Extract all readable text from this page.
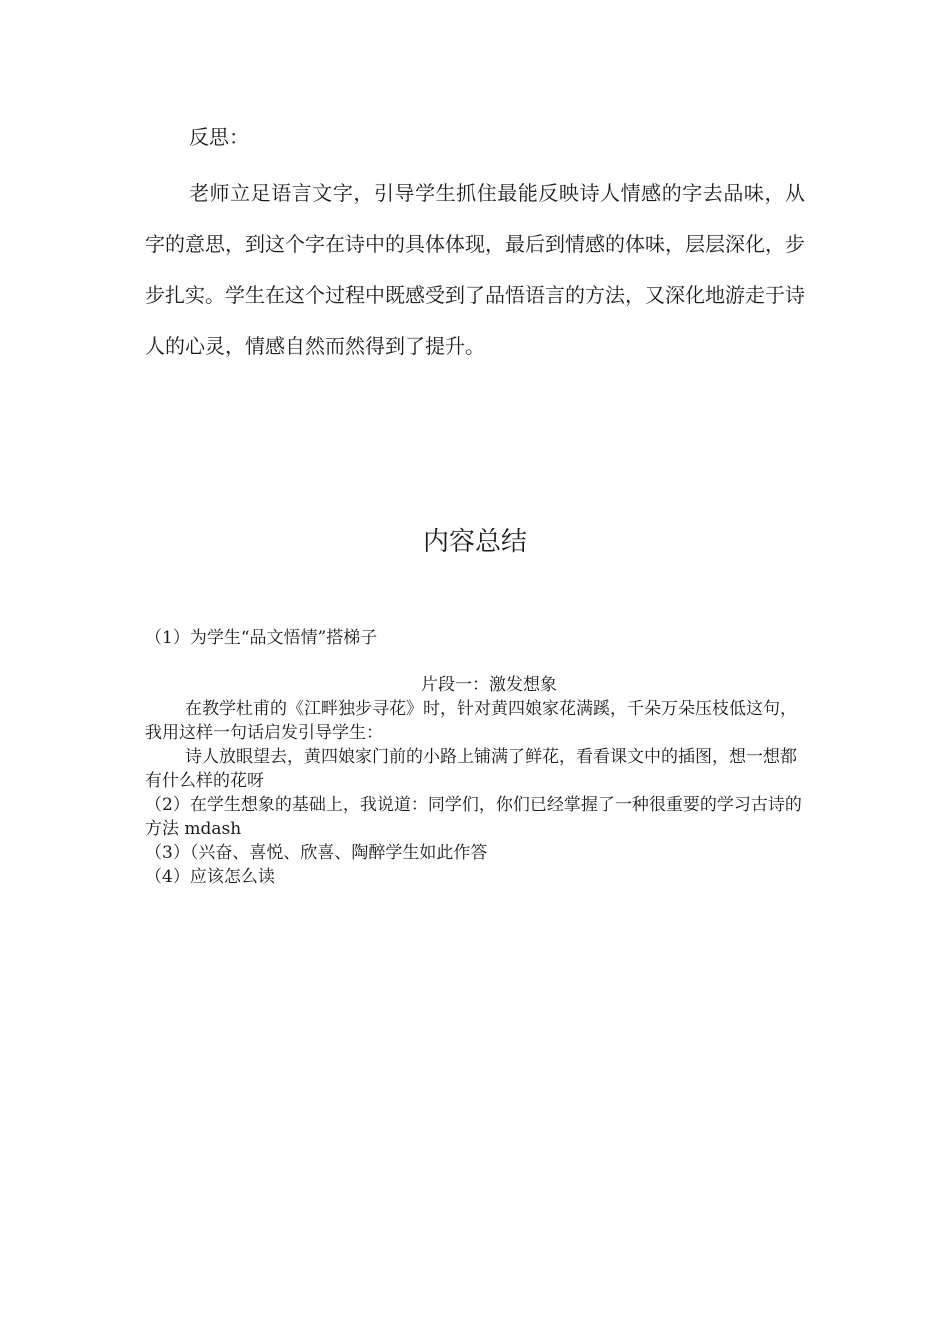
反思：

老师立足语言文字，引导学生抓住最能反映诗人情感的字去品味，从字的意思，到这个字在诗中的具体体现，最后到情感的体味，层层深化，步步扎实。学生在这个过程中既感受到了品悟语言的方法，又深化地游走于诗人的心灵，情感自然而然得到了提升。

内容总结

（1）为学生“品文悟情”搭梯子

片段一：激发想象

在教学杜甫的《江畔独步寻花》时，针对黄四娘家花满蹊，千朵万朵压枝低这句，我用这样一句话启发引导学生：

诗人放眼望去，黄四娘家门前的小路上铺满了鲜花，看看课文中的插图，想一想都有什么样的花呀

（2）在学生想象的基础上，我说道：同学们，你们已经掌握了一种很重要的学习古诗的方法 mdash

（3）（兴奋、喜悦、欣喜、陶醉学生如此作答

（4）应该怎么读
